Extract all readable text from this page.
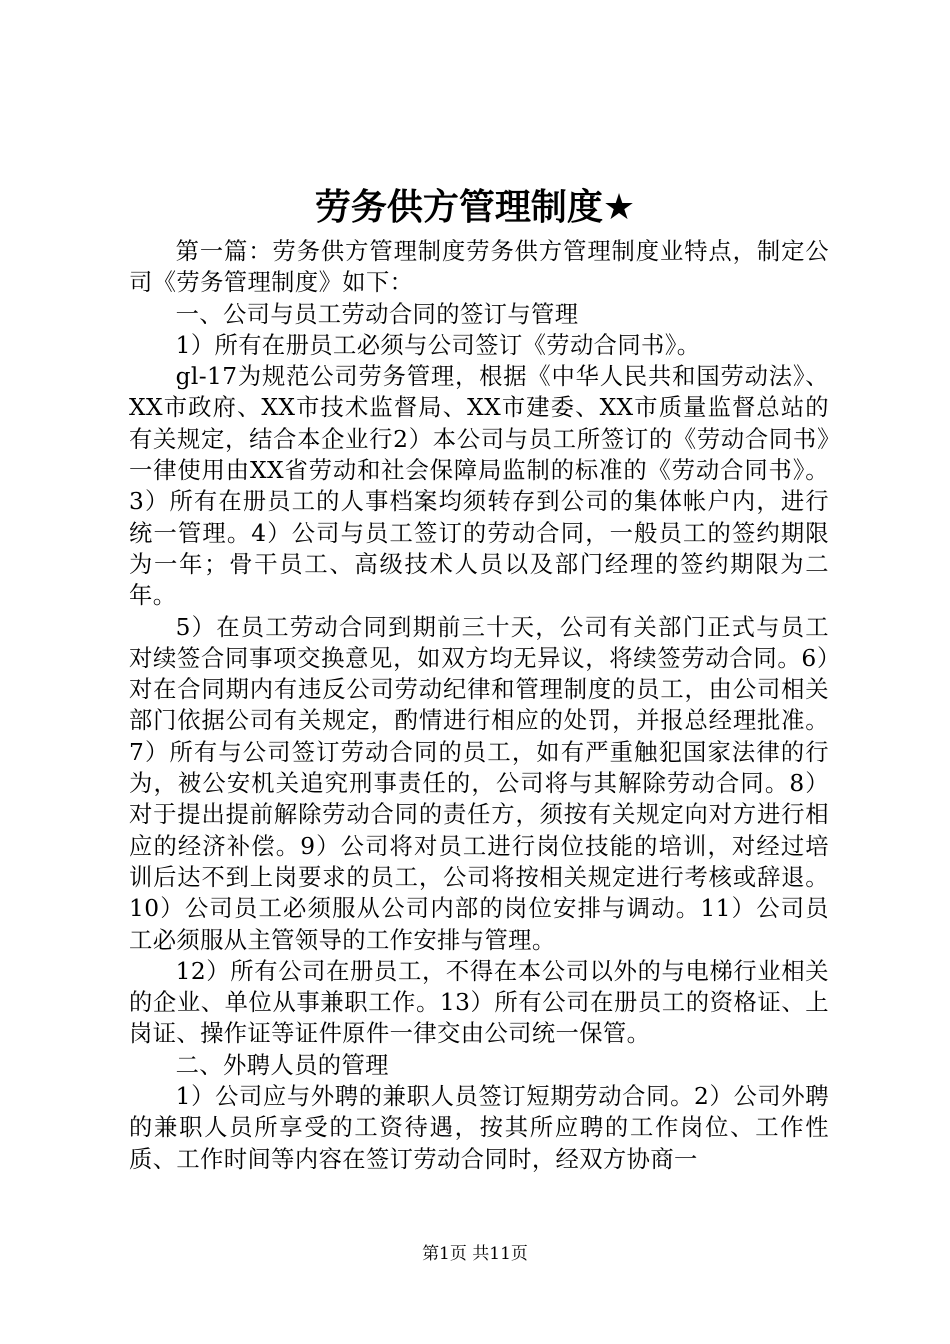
劳务供方管理制度★

第一篇：劳务供方管理制度劳务供方管理制度业特点，制定公司《劳务管理制度》如下：

一、公司与员工劳动合同的签订与管理

1）所有在册员工必须与公司签订《劳动合同书》。

gl-17为规范公司劳务管理，根据《中华人民共和国劳动法》、XX市政府、XX市技术监督局、XX市建委、XX市质量监督总站的有关规定，结合本企业行2）本公司与员工所签订的《劳动合同书》一律使用由XX省劳动和社会保障局监制的标准的《劳动合同书》。3）所有在册员工的人事档案均须转存到公司的集体帐户内，进行统一管理。4）公司与员工签订的劳动合同，一般员工的签约期限为一年；骨干员工、高级技术人员以及部门经理的签约期限为二年。

5）在员工劳动合同到期前三十天，公司有关部门正式与员工对续签合同事项交换意见，如双方均无异议，将续签劳动合同。6）对在合同期内有违反公司劳动纪律和管理制度的员工，由公司相关部门依据公司有关规定，酌情进行相应的处罚，并报总经理批准。7）所有与公司签订劳动合同的员工，如有严重触犯国家法律的行为，被公安机关追究刑事责任的，公司将与其解除劳动合同。8）对于提出提前解除劳动合同的责任方，须按有关规定向对方进行相应的经济补偿。9）公司将对员工进行岗位技能的培训，对经过培训后达不到上岗要求的员工，公司将按相关规定进行考核或辞退。10）公司员工必须服从公司内部的岗位安排与调动。11）公司员工必须服从主管领导的工作安排与管理。

12）所有公司在册员工，不得在本公司以外的与电梯行业相关的企业、单位从事兼职工作。13）所有公司在册员工的资格证、上岗证、操作证等证件原件一律交由公司统一保管。

二、外聘人员的管理

1）公司应与外聘的兼职人员签订短期劳动合同。2）公司外聘的兼职人员所享受的工资待遇，按其所应聘的工作岗位、工作性质、工作时间等内容在签订劳动合同时，经双方协商一

第1页 共11页
